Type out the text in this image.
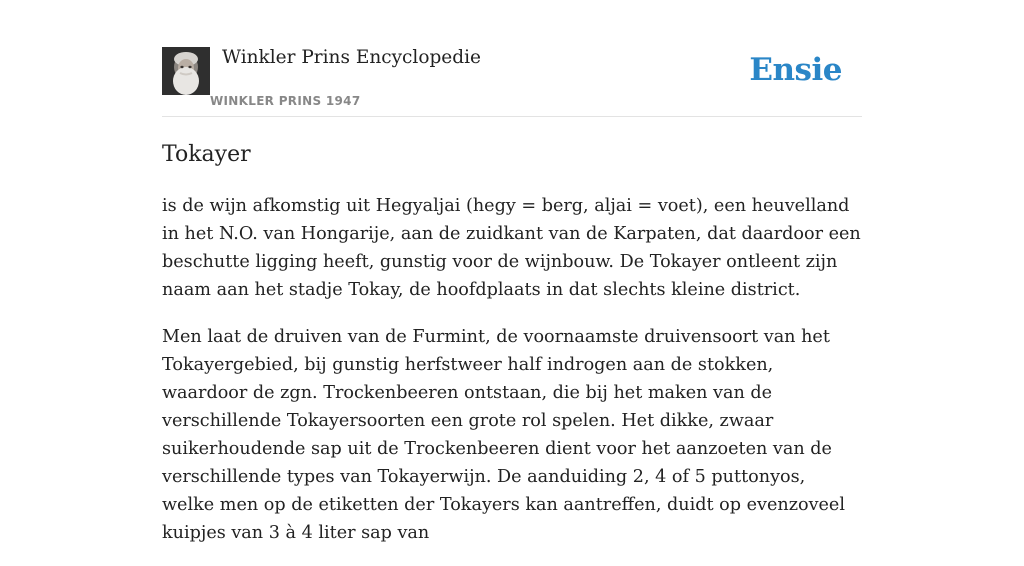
Winkler Prins Encyclopedie
WINKLER PRINS 1947
Ensie
Tokayer

is de wijn afkomstig uit Hegyaljai (hegy = berg, aljai = voet), een heuvelland in het N.O. van Hongarije, aan de zuidkant van de Karpaten, dat daardoor een beschutte ligging heeft, gunstig voor de wijnbouw. De Tokayer ontleent zijn naam aan het stadje Tokay, de hoofdplaats in dat slechts kleine district.

Men laat de druiven van de Furmint, de voornaamste druivensoort van het Tokayergebied, bij gunstig herfstweer half indrogen aan de stokken, waardoor de zgn. Trockenbeeren ontstaan, die bij het maken van de verschillende Tokayersoorten een grote rol spelen. Het dikke, zwaar suikerhoudende sap uit de Trockenbeeren dient voor het aanzoeten van de verschillende types van Tokayerwijn. De aanduiding 2, 4 of 5 puttonyos, welke men op de etiketten der Tokayers kan aantreffen, duidt op evenzoveel kuipjes van 3 à 4 liter sap van
